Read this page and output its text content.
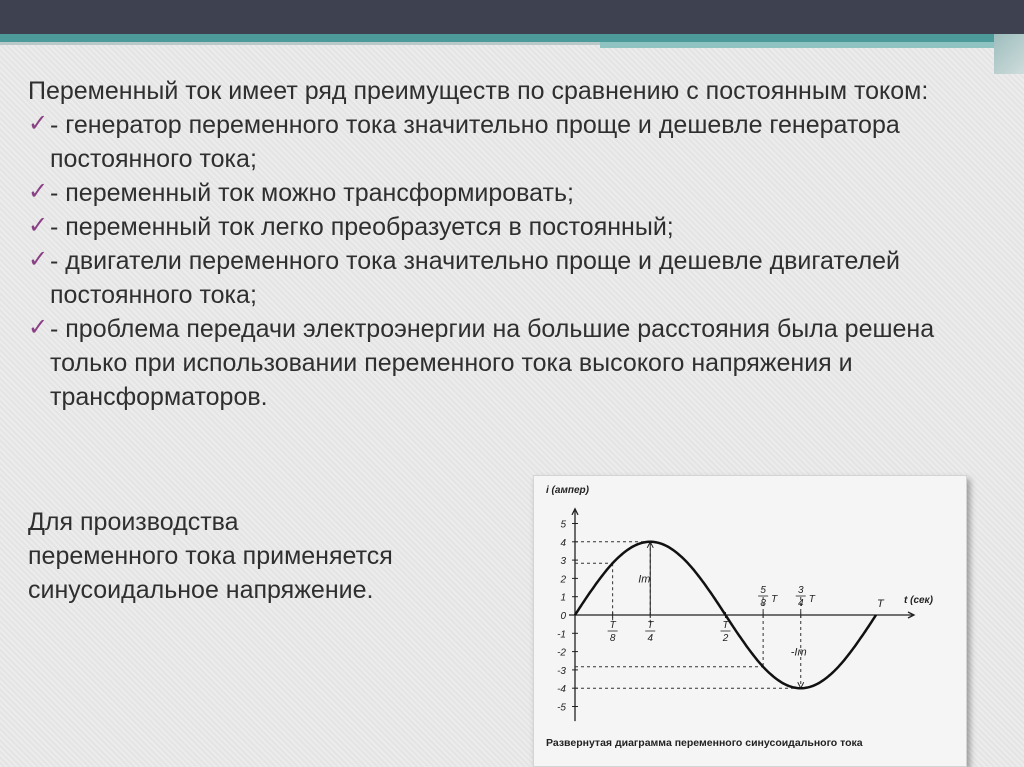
Переменный ток имеет ряд преимуществ по сравнению с постоянным током:

✓ - генератор переменного тока значительно проще и дешевле генератора постоянного тока;
✓ - переменный ток можно трансформировать;
✓ - переменный ток легко преобразуется в постоянный;
✓ - двигатели переменного тока значительно проще и дешевле двигателей постоянного тока;
✓ - проблема передачи электроэнергии на большие расстояния была решена только при использовании переменного тока высокого напряжения и трансформаторов.
Для производства
переменного тока применяется
синусоидальное напряжение.
5
4
3
2
1
0
-1
-2
-3
-4
-5
T
8
T
4
T
2
5
8 T
3
4 T	T
Im
-Im
i (ампер)
t (сек)
Развернутая диаграмма переменного синусоидального тока
